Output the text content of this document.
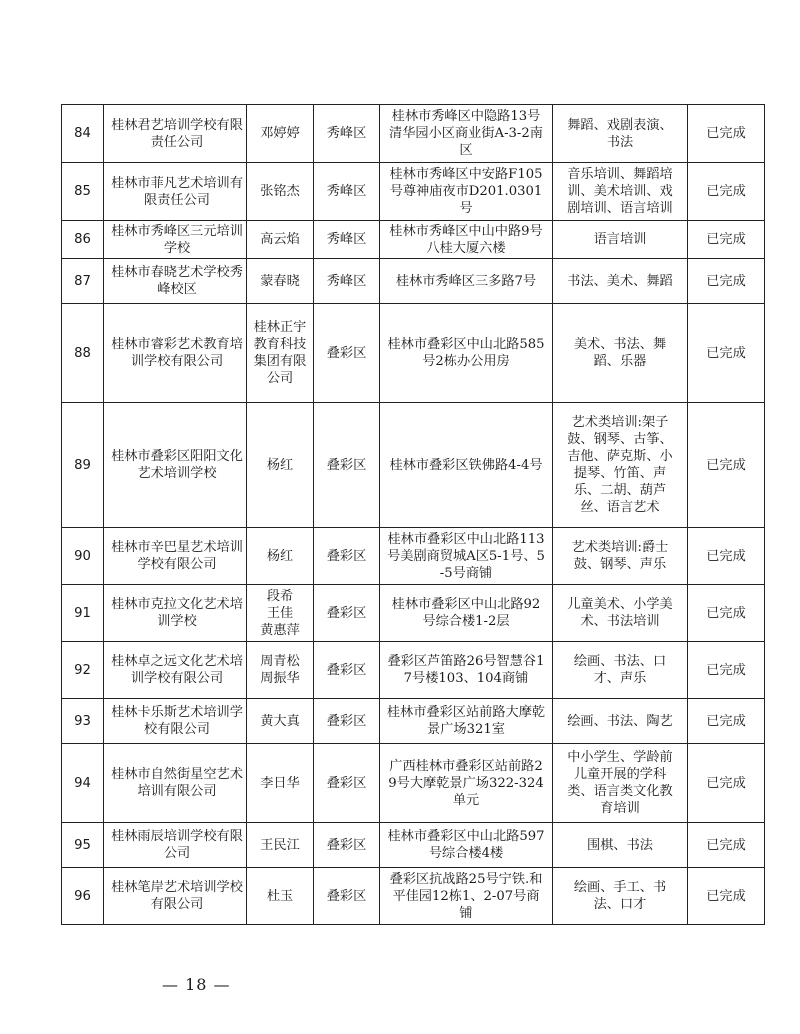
84	桂林君艺培训学校有限责任公司	邓婷婷	秀峰区	桂林市秀峰区中隐路13号清华园小区商业街A-3-2南区	舞蹈、戏剧表演、书法	已完成

85	桂林市菲凡艺术培训有限责任公司	张铭杰	秀峰区	桂林市秀峰区中安路F105号尊神庙夜市D201.0301号	音乐培训、舞蹈培训、美术培训、戏剧培训、语言培训	已完成

86	桂林市秀峰区三元培训学校	高云焰	秀峰区	桂林市秀峰区中山中路9号八桂大厦六楼	语言培训	已完成

87	桂林市春晓艺术学校秀峰校区	蒙春晓	秀峰区	桂林市秀峰区三多路7号	书法、美术、舞蹈	已完成

88	桂林市睿彩艺术教育培训学校有限公司	桂林正宇教育科技集团有限公司	叠彩区	桂林市叠彩区中山北路585号2栋办公用房	美术、书法、舞蹈、乐器	已完成

89	桂林市叠彩区阳阳文化艺术培训学校	杨红	叠彩区	桂林市叠彩区铁佛路4-4号	艺术类培训:架子鼓、钢琴、古筝、吉他、萨克斯、小提琴、竹笛、声乐、二胡、葫芦丝、语言艺术	已完成

90	桂林市辛巴星艺术培训学校有限公司	杨红	叠彩区	桂林市叠彩区中山北路113号美剧商贸城A区5-1号、5-5号商铺	艺术类培训:爵士鼓、钢琴、声乐	已完成

91	桂林市克拉文化艺术培训学校	段希
王佳
黄惠萍	叠彩区	桂林市叠彩区中山北路92号综合楼1-2层	儿童美术、小学美术、书法培训	已完成

92	桂林卓之远文化艺术培训学校有限公司	周青松
周振华	叠彩区	叠彩区芦笛路26号智慧谷17号楼103、104商铺	绘画、书法、口才、声乐	已完成

93	桂林卡乐斯艺术培训学校有限公司	黄大真	叠彩区	桂林市叠彩区站前路大摩乾景广场321室	绘画、书法、陶艺	已完成

94	桂林市自然街星空艺术培训有限公司	李日华	叠彩区	广西桂林市叠彩区站前路29号大摩乾景广场322-324单元	中小学生、学龄前儿童开展的学科类、语言类文化教育培训	已完成

95	桂林雨辰培训学校有限公司	王民江	叠彩区	桂林市叠彩区中山北路597号综合楼4楼	围棋、书法	已完成

96	桂林笔岸艺术培训学校有限公司	杜玉	叠彩区	叠彩区抗战路25号宁铁.和平佳园12栋1、2-07号商铺	绘画、手工、书法、口才	已完成
— 18 —
